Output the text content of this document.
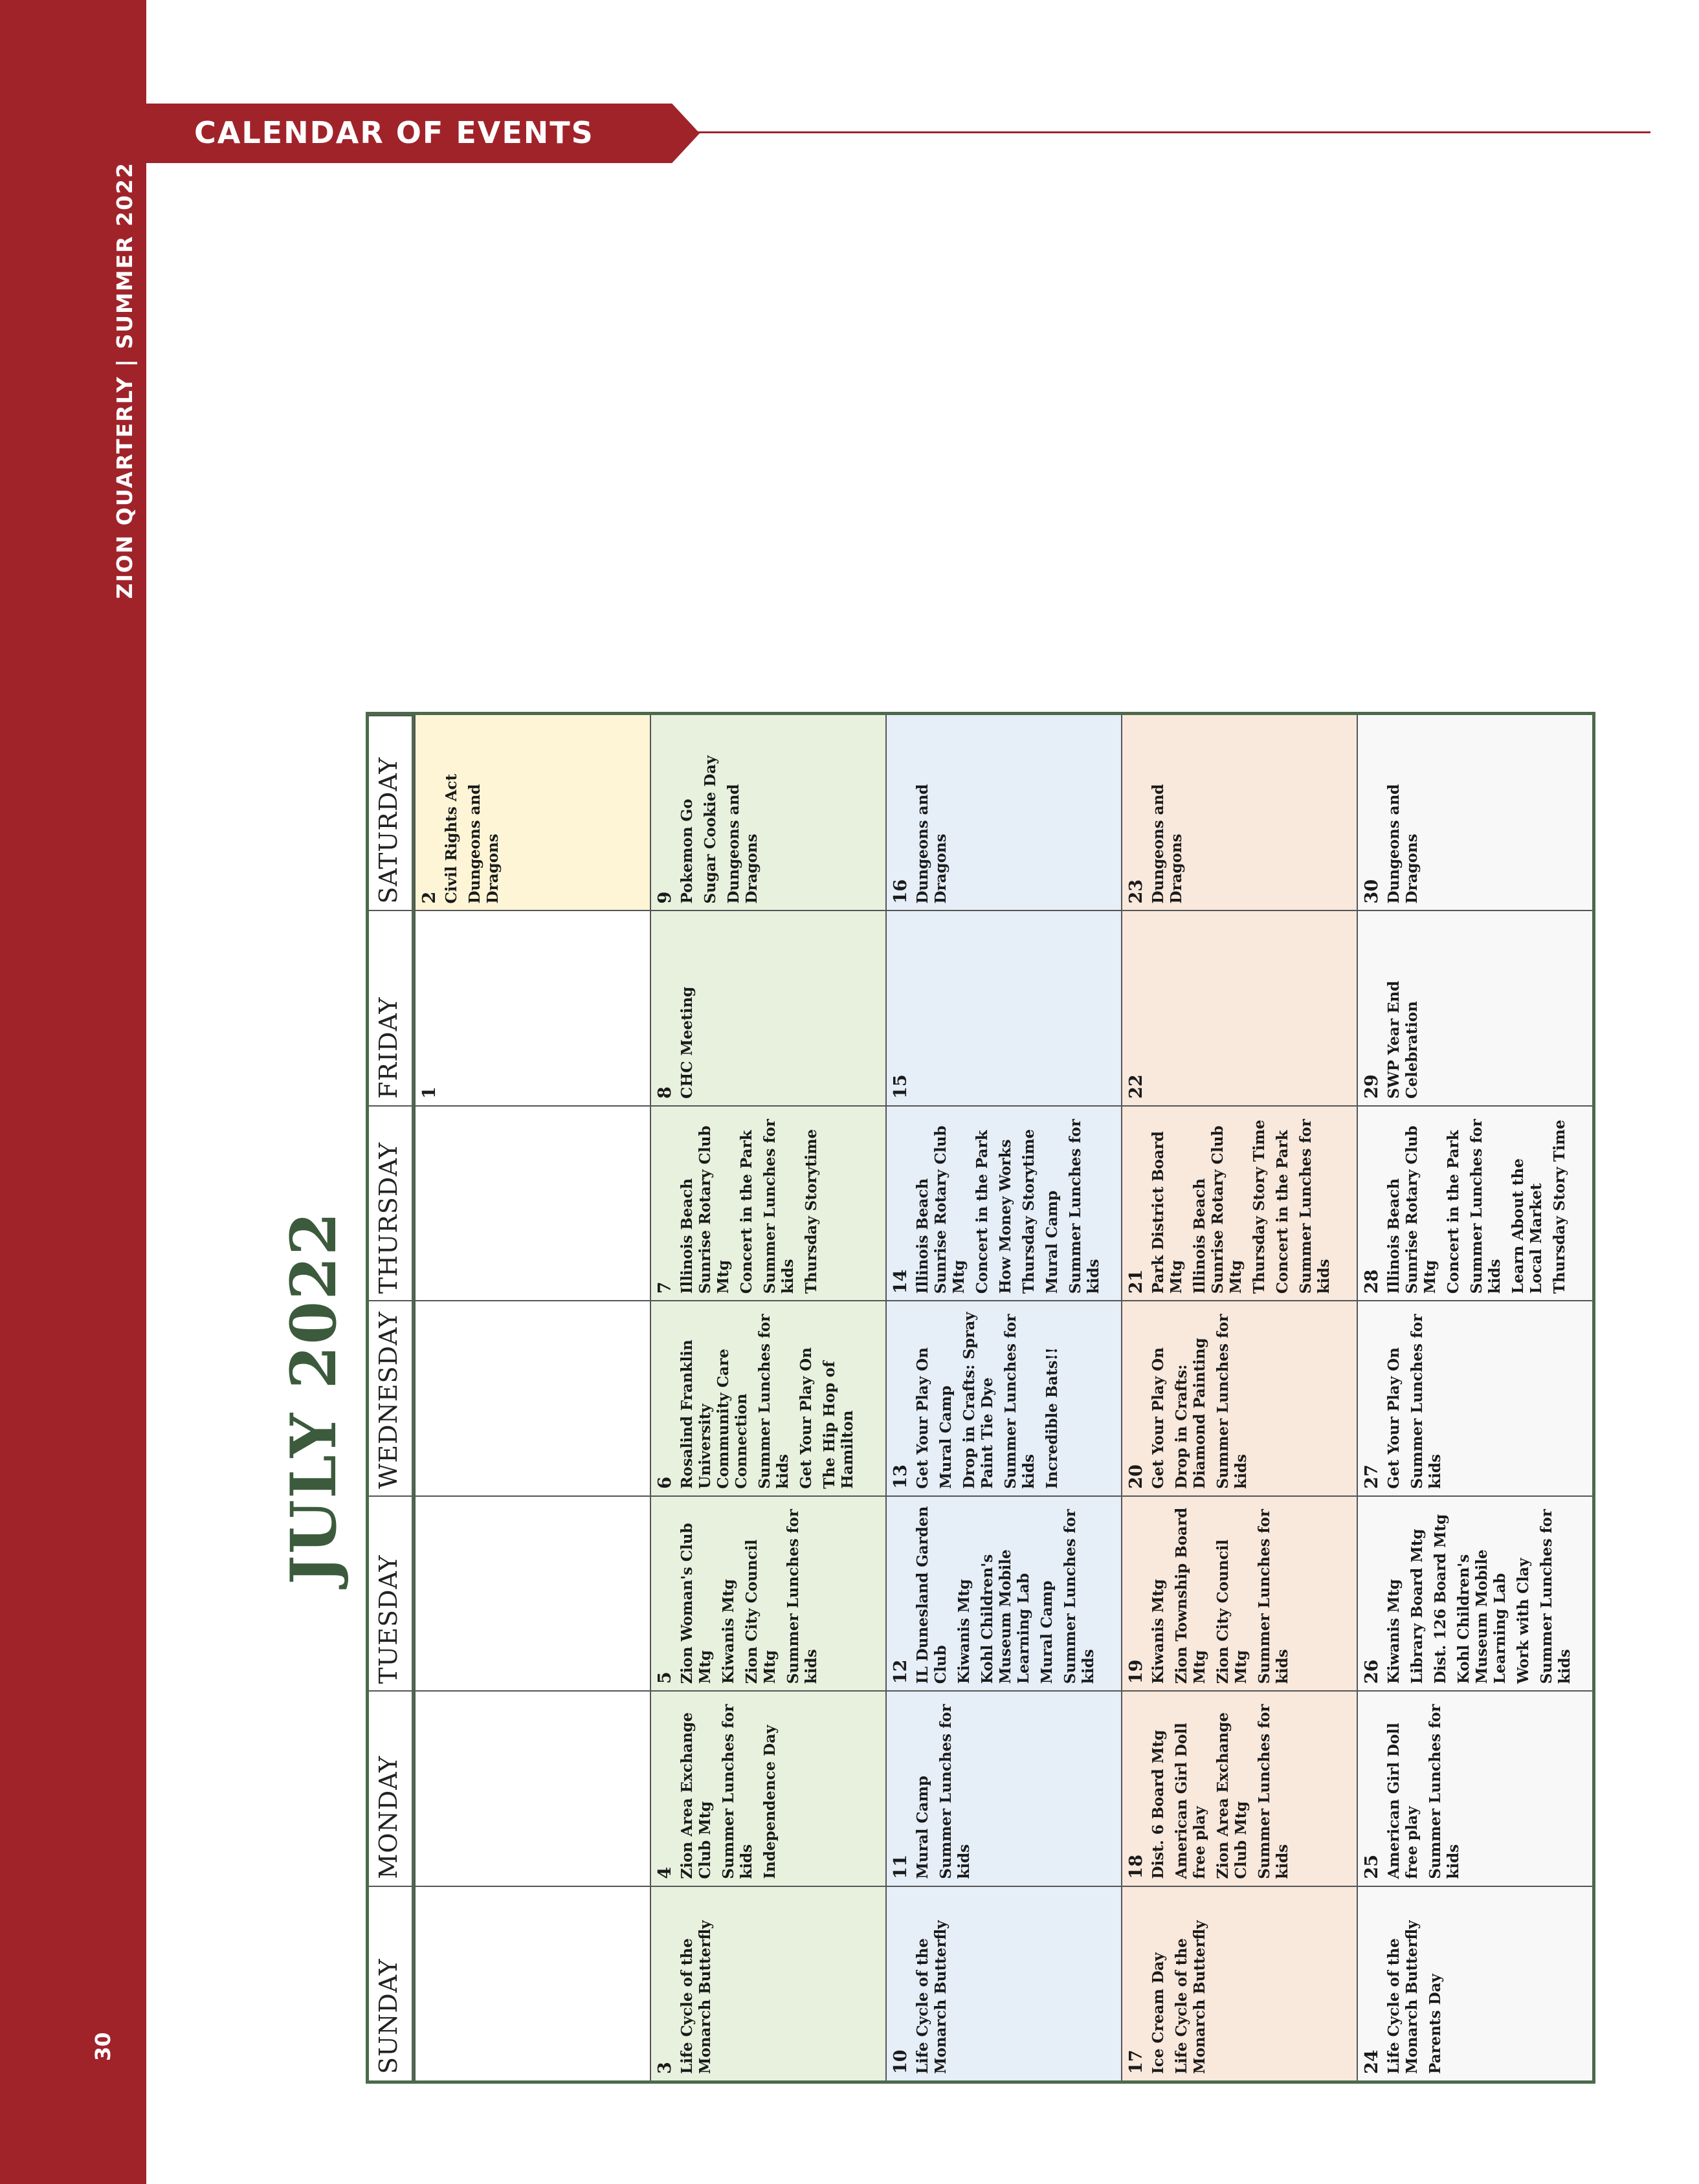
ZION QUARTERLY | SUMMER 2022
30
CALENDAR OF EVENTS
JULY 2022
SUNDAY
MONDAY
TUESDAY
WEDNESDAY
THURSDAY
FRIDAY
SATURDAY
1
2 Civil Rights Act Dungeons and Dragons
3 Life Cycle of the Monarch Butterfly
4 Zion Area Exchange Club Mtg Summer Lunches for kids Independence Day
5 Zion Woman's Club Mtg Kiwanis Mtg Zion City Council Mtg Summer Lunches for kids
6 Rosalind Franklin University Community Care Connection Summer Lunches for kids Get Your Play On The Hip Hop of Hamilton
7 Illinois Beach Sunrise Rotary Club Mtg Concert in the Park Summer Lunches for kids Thursday Storytime
8 CHC Meeting
9 Pokemon Go Sugar Cookie Day Dungeons and Dragons
10 Life Cycle of the Monarch Butterfly
11 Mural Camp Summer Lunches for kids
12 IL Dunesland Garden Club Kiwanis Mtg Kohl Children's Museum Mobile Learning Lab Mural Camp Summer Lunches for kids
13 Get Your Play On Mural Camp Drop in Crafts: Spray Paint Tie Dye Summer Lunches for kids Incredible Bats!!
14 Illinois Beach Sunrise Rotary Club Mtg Concert in the Park How Money Works Thursday Storytime Mural Camp Summer Lunches for kids
15
16 Dungeons and Dragons
17 Ice Cream Day Life Cycle of the Monarch Butterfly
18 Dist. 6 Board Mtg American Girl Doll free play Zion Area Exchange Club Mtg Summer Lunches for kids
19 Kiwanis Mtg Zion Township Board Mtg Zion City Council Mtg Summer Lunches for kids
20 Get Your Play On Drop in Crafts: Diamond Painting Summer Lunches for kids
21 Park District Board Mtg Illinois Beach Sunrise Rotary Club Mtg Thursday Story Time Concert in the Park Summer Lunches for kids
22
23 Dungeons and Dragons
24 Life Cycle of the Monarch Butterfly Parents Day
25 American Girl Doll free play Summer Lunches for kids
26 Kiwanis Mtg Library Board Mtg Dist. 126 Board Mtg Kohl Children's Museum Mobile Learning Lab Work with Clay Summer Lunches for kids
27 Get Your Play On Summer Lunches for kids
28 Illinois Beach Sunrise Rotary Club Mtg Concert in the Park Summer Lunches for kids Learn About the Local Market Thursday Story Time
29 SWP Year End Celebration
30 Dungeons and Dragons
